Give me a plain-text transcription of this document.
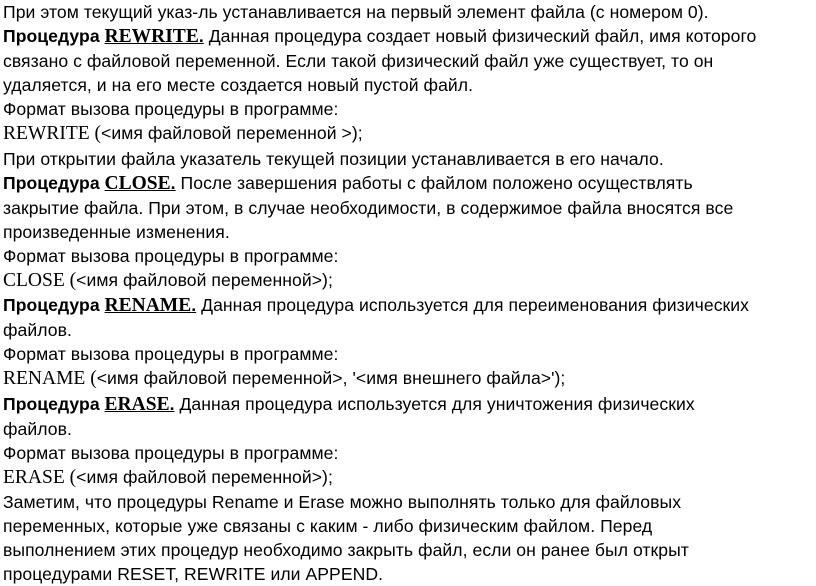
При этом текущий указ-ль устанавливается на первый элемент файла (с номером 0).
Процедура REWRITE. Данная процедура создает новый физический файл, имя которого
связано с файловой переменной. Если такой физический файл уже существует, то он
удаляется, и на его месте создается новый пустой файл.
Формат вызова процедуры в программе:
REWRITE (<имя файловой переменной >);
При открытии файла указатель текущей позиции устанавливается в его начало.
Процедура CLOSE. После завершения работы с файлом положено осуществлять
закрытие файла. При этом, в случае необходимости, в содержимое файла вносятся все
произведенные изменения.
Формат вызова процедуры в программе:
CLOSE (<имя файловой переменной>);
Процедура RENAME. Данная процедура используется для переименования физических
файлов.
Формат вызова процедуры в программе:
RENAME (<имя файловой переменной>, '<имя внешнего файла>');
Процедура ERASE. Данная процедура используется для уничтожения физических
файлов.
Формат вызова процедуры в программе:
ERASE (<имя файловой переменной>);
Заметим, что процедуры Rename и Erase можно выполнять только для файловых
переменных, которые уже связаны с каким - либо физическим файлом. Перед
выполнением этих процедур необходимо закрыть файл, если он ранее был открыт
процедурами RESET, REWRITE или APPEND.
